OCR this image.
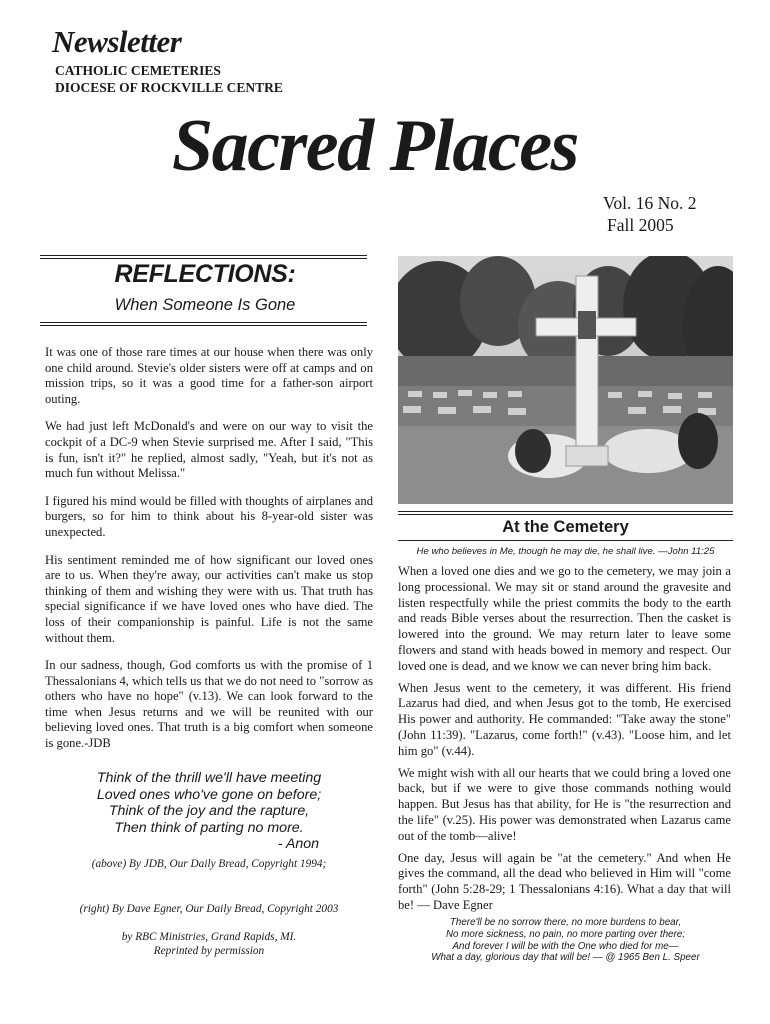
Newsletter
CATHOLIC CEMETERIES
DIOCESE OF ROCKVILLE CENTRE
Sacred Places
Vol. 16 No. 2
Fall 2005
REFLECTIONS:
When Someone Is Gone

It was one of those rare times at our house when there was only one child around. Stevie's older sisters were off at camps and on mission trips, so it was a good time for a father-son airport outing.

We had just left McDonald's and were on our way to visit the cockpit of a DC-9 when Stevie surprised me. After I said, "This is fun, isn't it?" he replied, almost sadly, "Yeah, but it's not as much fun without Melissa."

I figured his mind would be filled with thoughts of airplanes and burgers, so for him to think about his 8-year-old sister was unexpected.

His sentiment reminded me of how significant our loved ones are to us. When they're away, our activities can't make us stop thinking of them and wishing they were with us. That truth has special significance if we have loved ones who have died. The loss of their companionship is painful. Life is not the same without them.

In our sadness, though, God comforts us with the promise of 1 Thessalonians 4, which tells us that we do not need to "sorrow as others who have no hope" (v.13). We can look forward to the time when Jesus returns and we will be reunited with our believing loved ones. That truth is a big comfort when someone is gone.-JDB

Think of the thrill we'll have meeting
Loved ones who've gone on before;
Think of the joy and the rapture,
Then think of parting no more.
- Anon
(above) By JDB, Our Daily Bread, Copyright 1994;
(right) By Dave Egner, Our Daily Bread, Copyright 2003
by RBC Ministries, Grand Rapids, MI.
Reprinted by permission
At the Cemetery
He who believes in Me, though he may die, he shall live. —John 11:25

When a loved one dies and we go to the cemetery, we may join a long processional. We may sit or stand around the gravesite and listen respectfully while the priest commits the body to the earth and reads Bible verses about the resurrection. Then the casket is lowered into the ground. We may return later to leave some flowers and stand with heads bowed in memory and respect. Our loved one is dead, and we know we can never bring him back.

When Jesus went to the cemetery, it was different. His friend Lazarus had died, and when Jesus got to the tomb, He exercised His power and authority. He commanded: "Take away the stone" (John 11:39). "Lazarus, come forth!" (v.43). "Loose him, and let him go" (v.44).

We might wish with all our hearts that we could bring a loved one back, but if we were to give those commands nothing would happen. But Jesus has that ability, for He is "the resurrection and the life" (v.25). His power was demonstrated when Lazarus came out of the tomb—alive!

One day, Jesus will again be "at the cemetery." And when He gives the command, all the dead who believed in Him will "come forth" (John 5:28-29; 1 Thessalonians 4:16). What a day that will be! — Dave Egner

There'll be no sorrow there, no more burdens to bear,
No more sickness, no pain, no more parting over there;
And forever I will be with the One who died for me—
What a day, glorious day that will be! — @ 1965 Ben L. Speer
